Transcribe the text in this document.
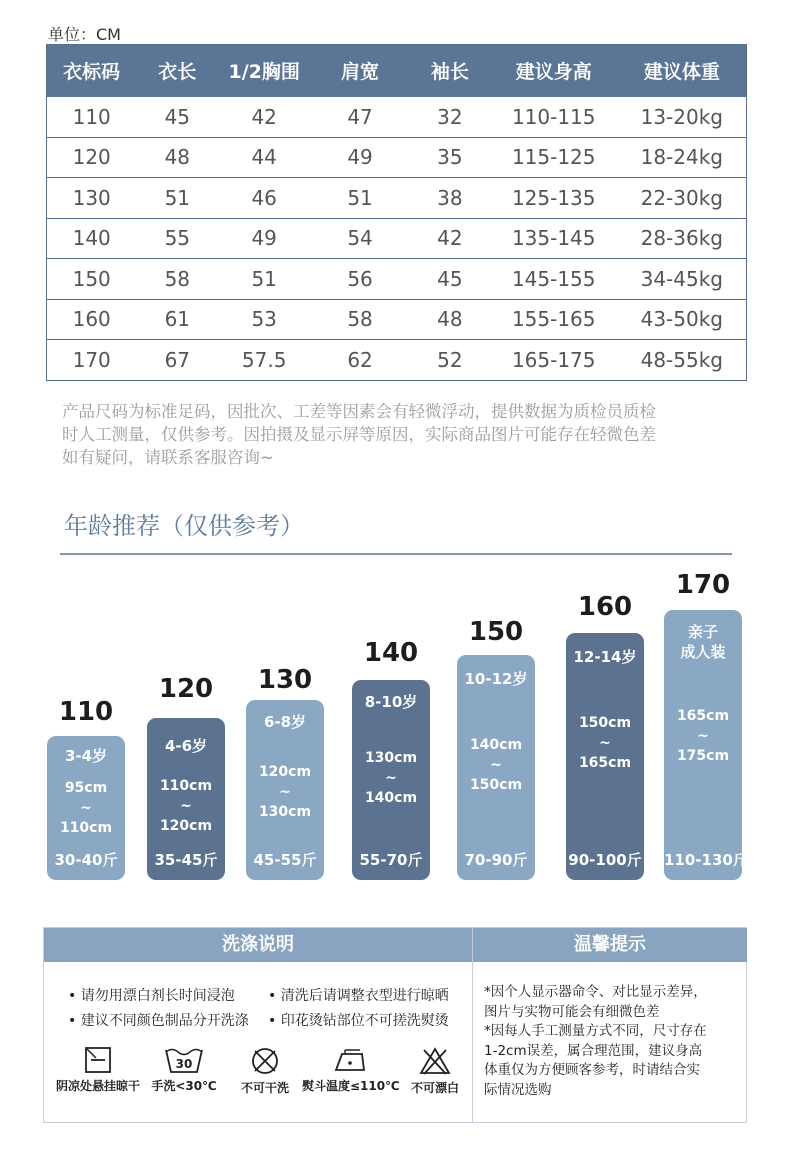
单位：CM
衣标码	衣长	1/2胸围	肩宽	袖长	建议身高	建议体重
110	45	42	47	32	110-115	13-20kg
120	48	44	49	35	115-125	18-24kg
130	51	46	51	38	125-135	22-30kg
140	55	49	54	42	135-145	28-36kg
150	58	51	56	45	145-155	34-45kg
160	61	53	58	48	155-165	43-50kg
170	67	57.5	62	52	165-175	48-55kg
产品尺码为标准足码，因批次、工差等因素会有轻微浮动，提供数据为质检员质检
时人工测量，仅供参考。因拍摄及显示屏等原因，实际商品图片可能存在轻微色差
如有疑问，请联系客服咨询~
年龄推荐（仅供参考）
110
3-4岁
95cm
~
110cm
30-40斤
120
4-6岁
110cm
~
120cm
35-45斤
130
6-8岁
120cm
~
130cm
45-55斤
140
8-10岁
130cm
~
140cm
55-70斤
150
10-12岁
140cm
~
150cm
70-90斤
160
12-14岁
150cm
~
165cm
90-100斤
170
亲子
成人装
165cm
~
175cm
110-130斤
洗涤说明	温馨提示
• 请勿用漂白剂长时间浸泡 • 清洗后请调整衣型进行晾晒
• 建议不同颜色制品分开洗涤 • 印花烫钻部位不可搓洗熨烫
阴凉处悬挂晾干
30
手洗<30℃	不可干洗	熨斗温度≤110℃ 不可漂白
*因个人显示器命令、对比显示差异，
图片与实物可能会有细微色差
*因每人手工测量方式不同，尺寸存在
1-2cm误差，属合理范围，建议身高
体重仅为方便顾客参考，时请结合实
际情况选购
